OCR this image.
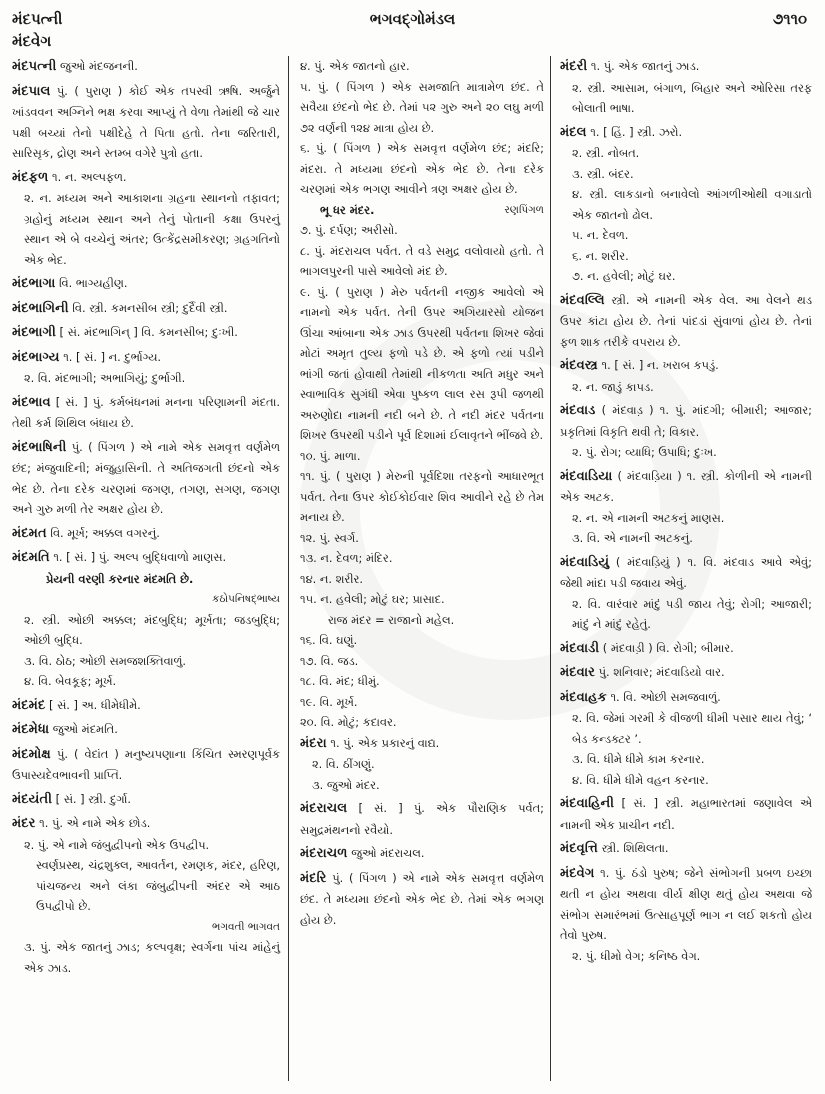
મંદપત્ની
મંદવેગ
ભગવદ્ગોમંડલ	૭૧૧૦
મંદપત્ની જુઓ મંદજનની.
મંદપાલ પું. ( પુરાણ ) કોઈ એક તપસ્વી ઋષિ. અર્જુને ખાંડવવન અગ્નિને ભક્ષ કરવા આપ્યું તે વેળા તેમાંથી જે ચાર પક્ષી બચ્યાં તેનો પક્ષીદેહે તે પિતા હતો. તેના જરિતારી, સારિસૃક, દ્રોણ અને સ્તમ્બ વગેરે પુત્રો હતા.
મંદફળ ૧. ન. અલ્પફળ.
૨. ન. મધ્યમ અને આકાશના ગ્રહના સ્થાનનો તફાવત; ગ્રહોનું મધ્યમ સ્થાન અને તેનું પોતાની કક્ષા ઉપરનું સ્થાન એ બે વચ્ચેનું અંતર; ઉત્કેંદ્રસમીકરણ; ગ્રહગતિનો એક ભેદ.
મંદભાગા વિ. ભાગ્યહીણ.
મંદભાગિની વિ. સ્ત્રી. કમનસીબ સ્ત્રી; દુર્દૈવી સ્ત્રી.
મંદભાગી [ સં. મંદભાગિન્ ] વિ. કમનસીબ; દુઃખી.
મંદભાગ્ય ૧. [ સં. ] ન. દુર્ભાગ્ય.
૨. વિ. મંદભાગી; અભાગિયું; દુર્ભાગી.
મંદભાવ [ સં. ] પું. કર્મબંધનમાં મનના પરિણામની મંદતા. તેથી કર્મ શિથિલ બંધાય છે.
મંદભાષિની પું. ( પિંગળ ) એ નામે એક સમવૃત્ત વર્ણમેળ છંદ; મંજુવાદિની; મંજુહાસિની. તે અતિજગતી છંદનો એક ભેદ છે. તેના દરેક ચરણમાં જગણ, તગણ, સગણ, જગણ અને ગુરુ મળી તેર અક્ષર હોય છે.
મંદમત વિ. મૂર્ખ; અક્કલ વગરનું.
મંદમતિ ૧. [ સં. ] પું. અલ્પ બુદ્ધિવાળો માણસ.
પ્રેયની વરણી કરનાર મંદમતિ છે.
કઠોપનિષદ્ભાષ્ય
૨. સ્ત્રી. ઓછી અક્કલ; મંદબુદ્ધિ; મૂર્ખતા; જડબુદ્ધિ; ઓછી બુદ્ધિ.
૩. વિ. ઠોઠ; ઓછી સમજશક્તિવાળું.
૪. વિ. બેવકૂફ; મૂર્ખ.
મંદમંદ [ સં. ] અ. ધીમેધીમે.
મંદમેધા જુઓ મંદમતિ.
મંદમોક્ષ પું. ( વેદાંત ) મનુષ્યપણાના કિંચિત સ્મરણપૂર્વક ઉપાસ્યદેવભાવની પ્રાપ્તિ.
મંદયંતી [ સં. ] સ્ત્રી. દુર્ગા.
મંદર ૧. પું. એ નામે એક છોડ.
૨. પું. એ નામે જંબુદ્વીપનો એક ઉપદ્વીપ.
સ્વર્ણપ્રસ્થ, ચંદ્રશુક્લ, આવર્તન, રમણક, મંદર, હરિણ, પાંચજન્ય અને લંકા જંબુદ્વીપની અંદર એ આઠ ઉપદ્વીપો છે.
ભગવતી ભાગવત
૩. પું. એક જાતનું ઝાડ; કલ્પવૃક્ષ; સ્વર્ગના પાંચ માંહેનું એક ઝાડ.
૪. પું. એક જાતનો હાર.
૫. પું. ( પિંગળ ) એક સમજાતિ માત્રામેળ છંદ. તે સવૈયા છંદનો ભેદ છે. તેમાં ૫૨ ગુરુ અને ૨૦ લઘુ મળી ૭૨ વર્ણની ૧૨૪ માત્રા હોય છે.
૬. પું. ( પિંગળ ) એક સમવૃત્ત વર્ણમેળ છંદ; મંદરિ; મંદરા. તે મધ્યમા છંદનો એક ભેદ છે. તેના દરેક ચરણમાં એક ભગણ આવીને ત્રણ અક્ષર હોય છે.
ભૂ ધર મંદર.	રણપિંગળ
૭. પું. દર્પણ; અરીસો.
૮. પું. મંદરાચલ પર્વત. તે વડે સમુદ્ર વલોવાયો હતો. તે ભાગલપુરની પાસે આવેલો મંદ છે.
૯. પું. ( પુરાણ ) મેરુ પર્વતની નજીક આવેલો એ નામનો એક પર્વત. તેની ઉપર અગિયારસો યોજન ઊંચા આંબાના એક ઝાડ ઉપરથી પર્વતના શિખર જેવાં મોટાં અમૃત તુલ્ય ફળો પડે છે. એ ફળો ત્યાં પડીને ભાંગી જતાં હોવાથી તેમાંથી નીકળતા અતિ મધુર અને સ્વાભાવિક સુગંધી એવા પુષ્કળ લાલ રસ રૂપી જળથી અરુણોદા નામની નદી બને છે. તે નદી મંદર પર્વતના શિખર ઉપરથી પડીને પૂર્વ દિશામાં ઈલાવૃતને ભીંજવે છે.
૧૦. પું. માળા.
૧૧. પું. ( પુરાણ ) મેરુની પૂર્વદિશા તરફનો આધારભૂત પર્વત. તેના ઉપર કોઈકોઈવાર શિવ આવીને રહે છે તેમ મનાય છે.
૧૨. પું. સ્વર્ગ.
૧૩. ન. દેવળ; મંદિર.
૧૪. ન. શરીર.
૧૫. ન. હવેલી; મોટું ઘર; પ્રાસાદ.
રાજ મંદર = રાજાનો મહેલ.
૧૬. વિ. ઘણું.
૧૭. વિ. જડ.
૧૮. વિ. મંદ; ધીમું.
૧૯. વિ. મૂર્ખ.
૨૦. વિ. મોટું; કદાવર.
મંદરા ૧. પું. એક પ્રકારનું વાદ્ય.
૨. વિ. ઠીંગણું.
૩. જુઓ મંદર.
મંદરાચલ [ સં. ] પું. એક પૌરાણિક પર્વત; સમુદ્રમંથનનો રવૈયો.
મંદરાચળ જુઓ મંદરાચલ.
મંદરિ પું. ( પિંગળ ) એ નામે એક સમવૃત્ત વર્ણમેળ છંદ. તે મધ્યમા છંદનો એક ભેદ છે. તેમાં એક ભગણ હોય છે.
મંદરી ૧. પું. એક જાતનું ઝાડ.
૨. સ્ત્રી. આસામ, બંગાળ, બિહાર અને ઓરિસા તરફ બોલાતી ભાષા.
મંદલ ૧. [ હિં. ] સ્ત્રી. ઝરો.
૨. સ્ત્રી. નોબત.
૩. સ્ત્રી. બંદર.
૪. સ્ત્રી. લાકડાનો બનાવેલો આંગળીઓથી વગાડાતો એક જાતનો ઢોલ.
૫. ન. દેવળ.
૬. ન. શરીર.
૭. ન. હવેલી; મોટું ઘર.
મંદવલ્લિ સ્ત્રી. એ નામની એક વેલ. આ વેલને થડ ઉપર કાંટા હોય છે. તેનાં પાંદડાં સુંવાળાં હોય છે. તેનાં ફળ શાક તરીકે વપરાય છે.
મંદવસ્ત્ર ૧. [ સં. ] ન. ખરાબ કપડું.
૨. ન. જાડું કાપડ.
મંદવાડ ( મંદવાડ઼ ) ૧. પું. માંદગી; બીમારી; આજાર; પ્રકૃતિમાં વિકૃતિ થવી તે; વિકાર.
૨. પું. રોગ; વ્યાધિ; ઉપાધિ; દુઃખ.
મંદવાડિયા ( મંદવાડ઼િયા ) ૧. સ્ત્રી. કોળીની એ નામની એક અટક.
૨. ન. એ નામની અટકનું માણસ.
૩. વિ. એ નામની અટકનું.
મંદવાડિયું ( મંદવાડ઼િયું ) ૧. વિ. મંદવાડ આવે એવું; જેથી માંદા પડી જવાય એવું.
૨. વિ. વારંવાર માંદું પડી જાય તેવું; રોગી; આજારી; માંદું ને માંદું રહેતું.
મંદવાડી ( મંદવાડ઼ી ) વિ. રોગી; બીમાર.
મંદવાર પું. શનિવાર; મંદવાડિયો વાર.
મંદવાહક ૧. વિ. ઓછી સમજવાળું.
૨. વિ. જેમાં ગરમી કે વીજળી ધીમી પસાર થાય તેવું; ‘ બેડ કન્ડક્ટર ’.
૩. વિ. ધીમે ધીમે કામ કરનાર.
૪. વિ. ધીમે ધીમે વહન કરનાર.
મંદવાહિની [ સં. ] સ્ત્રી. મહાભારતમાં જણાવેલ એ નામની એક પ્રાચીન નદી.
મંદવૃત્તિ સ્ત્રી. શિથિલતા.
મંદવેગ ૧. પું. ઠંડો પુરુષ; જેને સંભોગની પ્રબળ ઇચ્છા થતી ન હોય અથવા વીર્ય ક્ષીણ થતું હોય અથવા જે સંભોગ સમારંભમાં ઉત્સાહપૂર્ણ ભાગ ન લઈ શકતો હોય તેવો પુરુષ.
૨. પું. ધીમો વેગ; કનિષ્ઠ વેગ.
